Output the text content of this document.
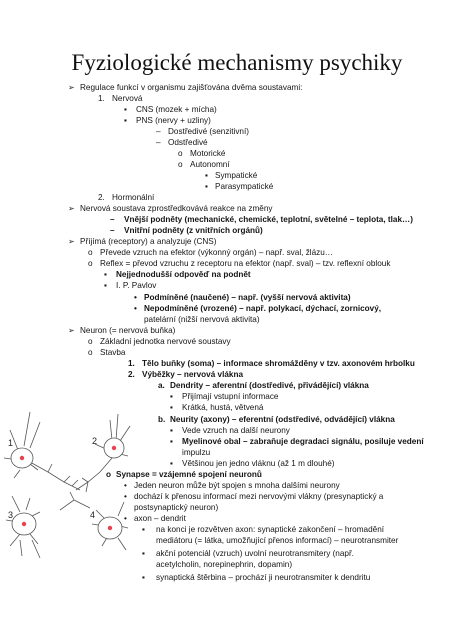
Fyziologické mechanismy psychiky
➢ Regulace funkcí v organismu zajišťována dvěma soustavami:
1. Nervová
▪ CNS (mozek + mícha)
▪ PNS (nervy + uzliny)
– Dostředivé (senzitivní)
– Odstředivé
o Motorické
o Autonomní
▪ Sympatické
▪ Parasympatické
2. Hormonální
➢ Nervová soustava zprostředkovává reakce na změny
– Vnější podněty (mechanické, chemické, teplotní, světelné – teplota, tlak…)
– Vnitřní podněty (z vnitřních orgánů)
➢ Příjímá (receptory) a analyzuje (CNS)
o Převede vzruch na efektor (výkonný orgán) – např. sval, žlázu…
o Reflex = převod vzruchu z receptoru na efektor (např. sval) – tzv. reflexní oblouk
▪ Nejjednodušší odpověď na podnět
▪ I. P. Pavlov
• Podmíněné (naučené) – např. (vyšší nervová aktivita)
• Nepodmíněné (vrozené) – např. polykací, dýchací, zornicový,
patelární (nižší nervová aktivita)
➢ Neuron (= nervová buňka)
o Základní jednotka nervové soustavy
o Stavba
1. Tělo buňky (soma) – informace shromážděny v tzv. axonovém hrbolku
2. Výběžky – nervová vlákna
a. Dendrity – aferentní (dostředivé, přivádějící) vlákna
▪ Přijímají vstupní informace
▪ Krátká, hustá, větvená
b. Neurity (axony) – eferentní (odstředivé, odvádějící) vlákna
▪ Vede vzruch na další neurony
▪ Myelinové obal – zabraňuje degradaci signálu, posiluje vedení
impulzu
▪ Většinou jen jedno vláknu (až 1 m dlouhé)
o Synapse = vzájemné spojení neuronů
• Jeden neuron může být spojen s mnoha dalšími neurony
• dochází k přenosu informací mezi nervovými vlákny (presynaptický a
postsynaptický neuron)
• axon – dendrit
▪ na konci je rozvětven axon: synaptické zakončení – hromadění
mediátoru (= látka, umožňující přenos informací) – neurotransmiter
▪ akční potenciál (vzruch) uvolní neurotransmitery (např.
acetylcholin, norepinephrin, dopamin)
▪ synaptická štěrbina – prochází ji neurotransmiter k dendritu
1	2
3	4
